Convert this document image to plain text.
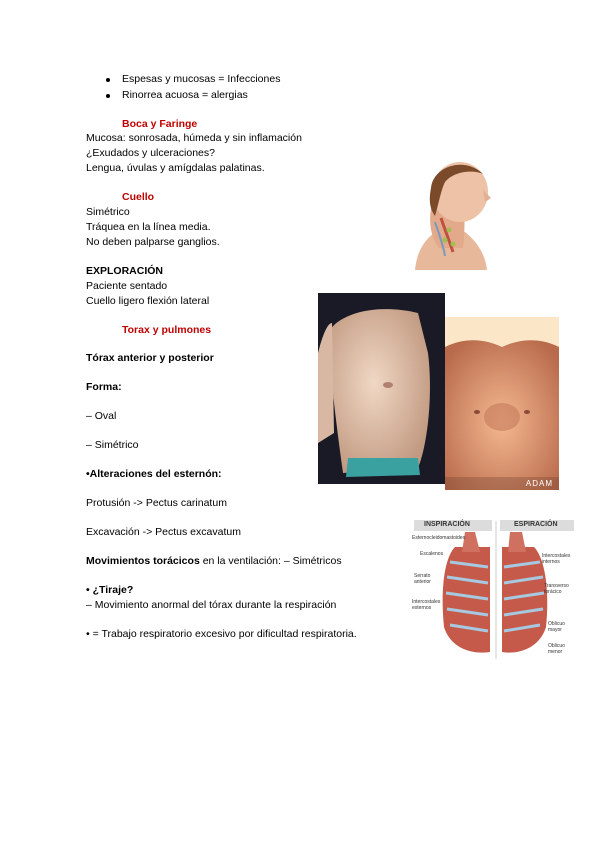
Espesas y mucosas = Infecciones
Rinorrea acuosa = alergias
Boca y Faringe
Mucosa: sonrosada, húmeda y sin inflamación
¿Exudados y ulceraciones?
Lengua, úvulas y amígdalas palatinas.
Cuello
Simétrico
Tráquea en la línea media.
No deben palparse ganglios.
EXPLORACIÓN
Paciente sentado
Cuello ligero flexión lateral
Torax y pulmones
Tórax anterior y posterior
Forma:
– Oval
– Simétrico
•Alteraciones del esternón:
Protusión -> Pectus carinatum
Excavación -> Pectus excavatum
Movimientos torácicos en la ventilación: – Simétricos
• ¿Tiraje?
– Movimiento anormal del tórax durante la respiración
• = Trabajo respiratorio excesivo por dificultad respiratoria.
ADAM
INSPIRACIÓN	ESPIRACIÓN
Esternocleidomastoideo
Escalenos
Serrato anterior
Intercostales externos
Intercostales internos
Transverso torácico
Oblicuo mayor
Oblicuo menor
